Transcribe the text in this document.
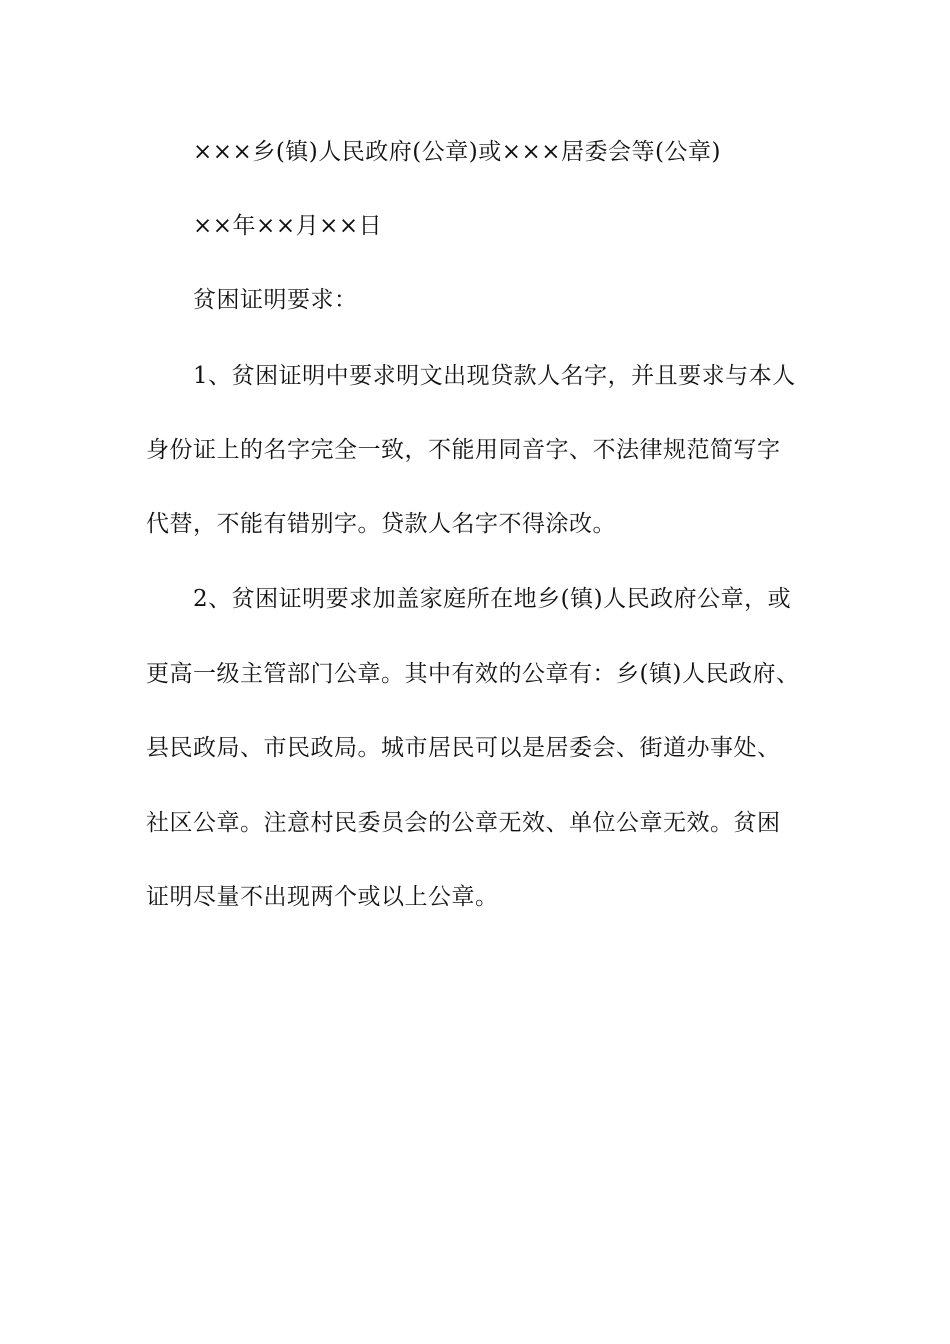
×××乡(镇)人民政府(公章)或×××居委会等(公章)
××年××月××日
贫困证明要求：
1、贫困证明中要求明文出现贷款人名字，并且要求与本人
身份证上的名字完全一致，不能用同音字、不法律规范简写字
代替，不能有错别字。贷款人名字不得涂改。
2、贫困证明要求加盖家庭所在地乡(镇)人民政府公章，或
更高一级主管部门公章。其中有效的公章有：乡(镇)人民政府、
县民政局、市民政局。城市居民可以是居委会、街道办事处、
社区公章。注意村民委员会的公章无效、单位公章无效。贫困
证明尽量不出现两个或以上公章。
